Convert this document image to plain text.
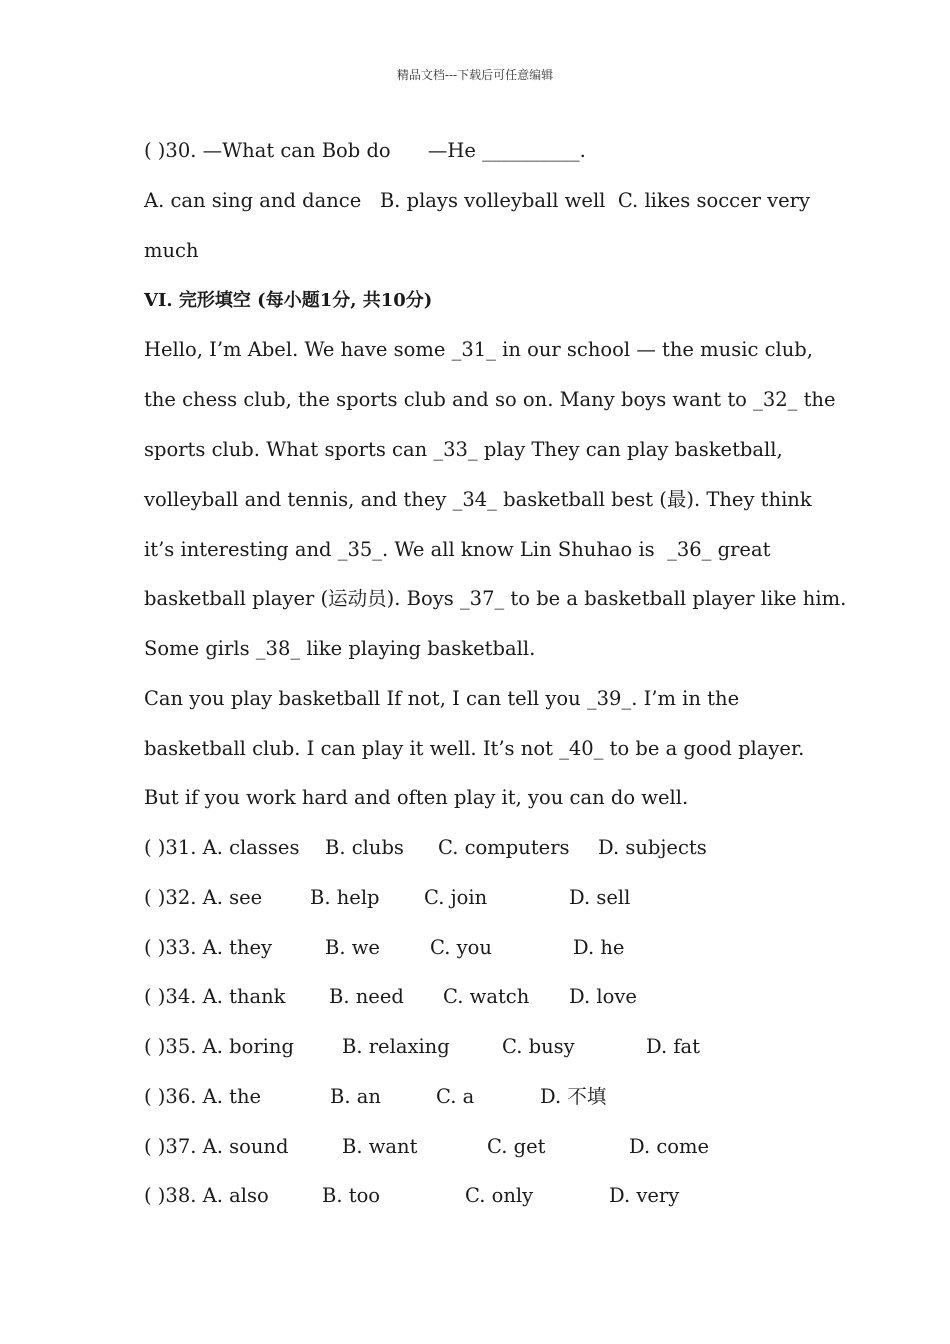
精品文档---下载后可任意编辑
( )30. —What can Bob do      —He __________.
A. can sing and dance   B. plays volleyball well  C. likes soccer very
much
VI. 完形填空 (每小题1分, 共10分)
Hello, I’m Abel. We have some _31_ in our school — the music club,
the chess club, the sports club and so on. Many boys want to _32_ the
sports club. What sports can _33_ play They can play basketball,
volleyball and tennis, and they _34_ basketball best (最). They think
it’s interesting and _35_. We all know Lin Shuhao is  _36_ great
basketball player (运动员). Boys _37_ to be a basketball player like him.
Some girls _38_ like playing basketball.
Can you play basketball If not, I can tell you _39_. I’m in the
basketball club. I can play it well. It’s not _40_ to be a good player.
But if you work hard and often play it, you can do well.
( )31. A. classes B. clubs C. computers D. subjects
( )32. A. see B. help C. join	D. sell
( )33. A. they	B. we	C. you	D. he
( )34. A. thank B. need C. watch D. love
( )35. A. boring B. relaxing	C. busy	D. fat
( )36. A. the	B. an	C. a	D. 不填
( )37. A. sound	B. want	C. get	D. come
( )38. A. also	B. too	C. only	D. very
